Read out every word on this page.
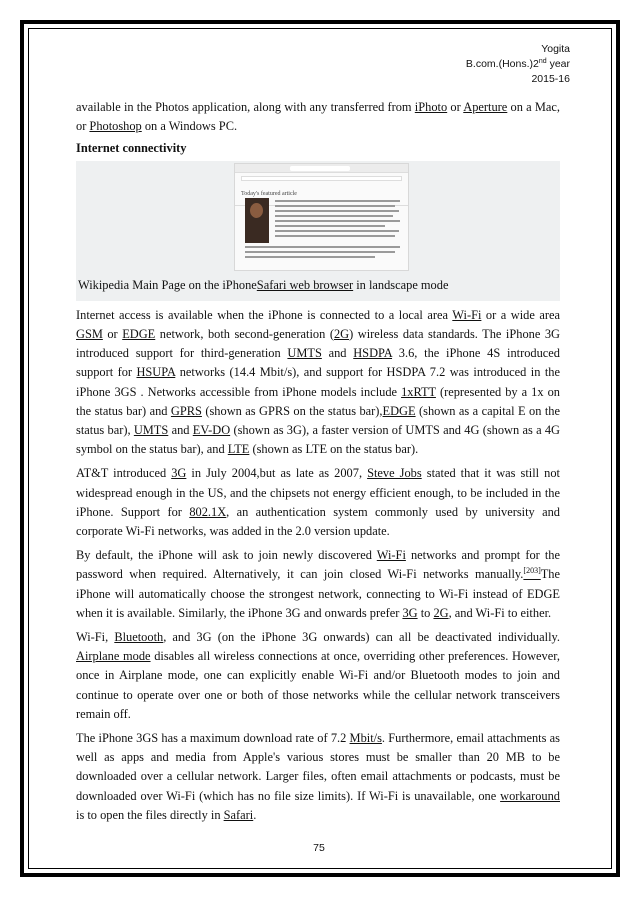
Yogita
B.com.(Hons.)2nd year
2015-16

available in the Photos application, along with any transferred from iPhoto or Aperture on a Mac, or Photoshop on a Windows PC.

Internet connectivity

Today's featured article

Wikipedia Main Page on the iPhoneSafari web browser in landscape mode

Internet access is available when the iPhone is connected to a local area Wi-Fi or a wide area GSM or EDGE network, both second-generation (2G) wireless data standards. The iPhone 3G introduced support for third-generation UMTS and HSDPA 3.6, the iPhone 4S introduced support for HSUPA networks (14.4 Mbit/s), and support for HSDPA 7.2 was introduced in the iPhone 3GS . Networks accessible from iPhone models include 1xRTT (represented by a 1x on the status bar) and GPRS (shown as GPRS on the status bar),EDGE (shown as a capital E on the status bar), UMTS and EV-DO (shown as 3G), a faster version of UMTS and 4G (shown as a 4G symbol on the status bar), and LTE (shown as LTE on the status bar).

AT&T introduced 3G in July 2004,but as late as 2007, Steve Jobs stated that it was still not widespread enough in the US, and the chipsets not energy efficient enough, to be included in the iPhone. Support for 802.1X, an authentication system commonly used by university and corporate Wi-Fi networks, was added in the 2.0 version update.

By default, the iPhone will ask to join newly discovered Wi-Fi networks and prompt for the password when required. Alternatively, it can join closed Wi-Fi networks manually.[203]The iPhone will automatically choose the strongest network, connecting to Wi-Fi instead of EDGE when it is available. Similarly, the iPhone 3G and onwards prefer 3G to 2G, and Wi-Fi to either.

Wi-Fi, Bluetooth, and 3G (on the iPhone 3G onwards) can all be deactivated individually. Airplane mode disables all wireless connections at once, overriding other preferences. However, once in Airplane mode, one can explicitly enable Wi-Fi and/or Bluetooth modes to join and continue to operate over one or both of those networks while the cellular network transceivers remain off.

The iPhone 3GS has a maximum download rate of 7.2 Mbit/s. Furthermore, email attachments as well as apps and media from Apple's various stores must be smaller than 20 MB to be downloaded over a cellular network. Larger files, often email attachments or podcasts, must be downloaded over Wi-Fi (which has no file size limits). If Wi-Fi is unavailable, one workaround is to open the files directly in Safari.

75
